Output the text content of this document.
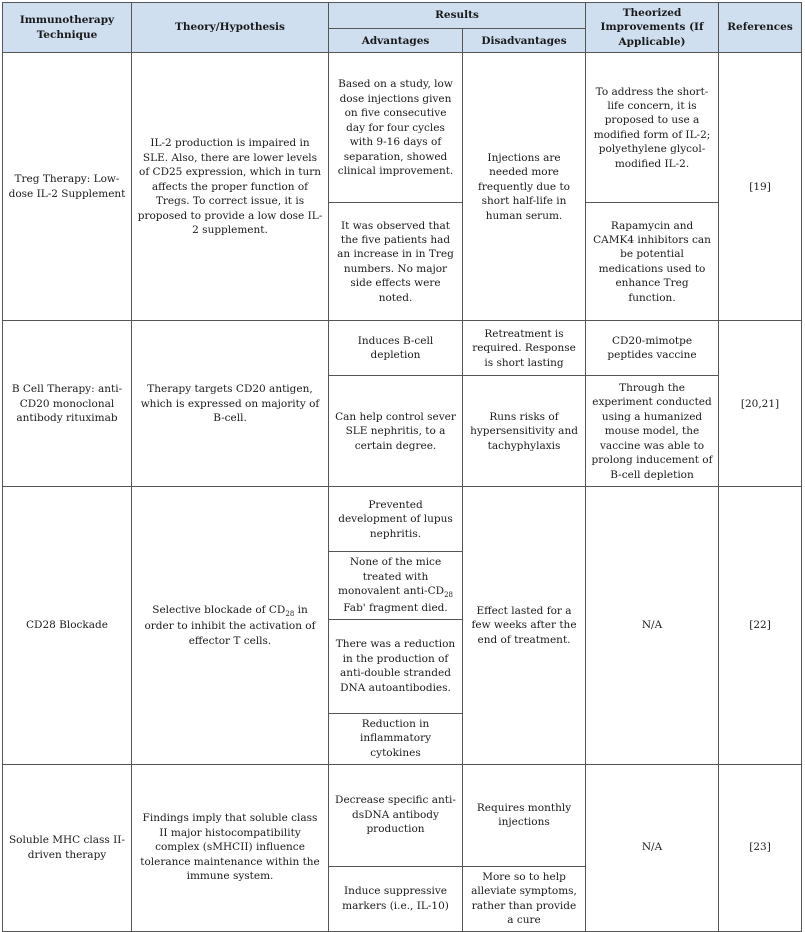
Immunotherapy Technique	Theory/Hypothesis	Results		Theorized Improvements (If Applicable)	References
		Advantages	Disadvantages		
Treg Therapy: Low-dose IL-2 Supplement	IL-2 production is impaired in SLE. Also, there are lower levels of CD25 expression, which in turn affects the proper function of Tregs. To correct issue, it is proposed to provide a low dose IL-2 supplement.	Based on a study, low dose injections given on five consecutive day for four cycles with 9-16 days of separation, showed clinical improvement.	Injections are needed more frequently due to short half-life in human serum.	To address the short-life concern, it is proposed to use a modified form of IL-2; polyethylene glycol-modified IL-2.	[19]
		It was observed that the five patients had an increase in in Treg numbers. No major side effects were noted.		Rapamycin and CAMK4 inhibitors can be potential medications used to enhance Treg function.	
B Cell Therapy: anti-CD20 monoclonal antibody rituximab	Therapy targets CD20 antigen, which is expressed on majority of B-cell.	Induces B-cell depletion	Retreatment is required. Response is short lasting	CD20-mimotpe peptides vaccine	[20,21]
		Can help control sever SLE nephritis, to a certain degree.	Runs risks of hypersensitivity and tachyphylaxis	Through the experiment conducted using a humanized mouse model, the vaccine was able to prolong inducement of B-cell depletion	
CD28 Blockade	Selective blockade of $CD_{28}$ in order to inhibit the activation of effector T cells.	Prevented development of lupus nephritis.	Effect lasted for a few weeks after the end of treatment.	N/A	[22]
		None of the mice treated with monovalent anti-$CD_{28}$ Fab' fragment died.			
		There was a reduction in the production of anti-double stranded DNA autoantibodies.			
		Reduction in inflammatory cytokines			
Soluble MHC class II-driven therapy	Findings imply that soluble class II major histocompatibility complex (sMHCII) influence tolerance maintenance within the immune system.	Decrease specific anti-dsDNA antibody production	Requires monthly injections	N/A	[23]
		Induce suppressive markers (i.e., IL-10)	More so to help alleviate symptoms, rather than provide a cure		
